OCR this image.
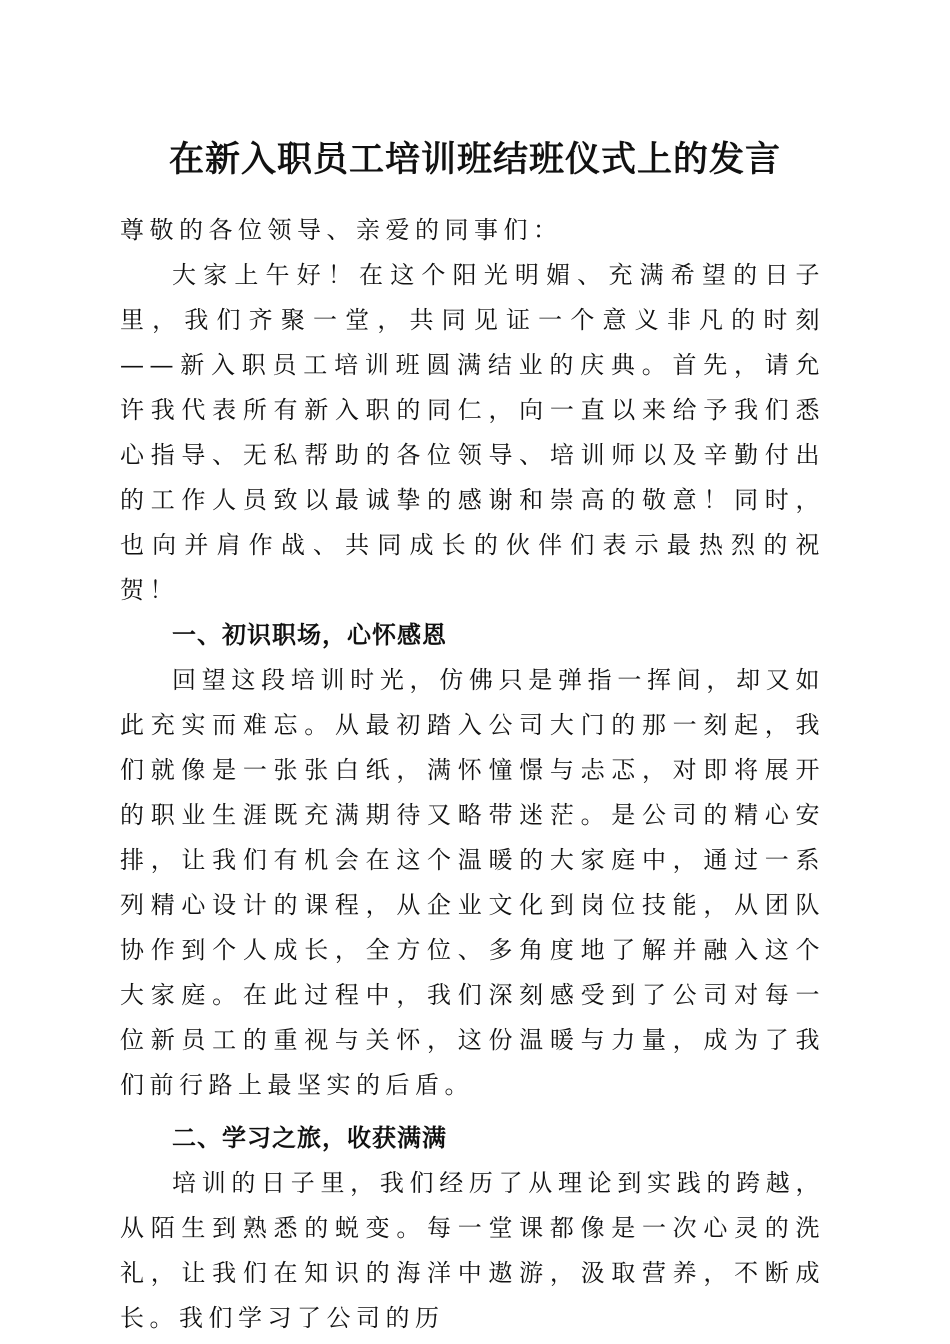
在新入职员工培训班结班仪式上的发言

尊敬的各位领导、亲爱的同事们：

大家上午好！在这个阳光明媚、充满希望的日子里，我们齐聚一堂，共同见证一个意义非凡的时刻——新入职员工培训班圆满结业的庆典。首先，请允许我代表所有新入职的同仁，向一直以来给予我们悉心指导、无私帮助的各位领导、培训师以及辛勤付出的工作人员致以最诚挚的感谢和崇高的敬意！同时，也向并肩作战、共同成长的伙伴们表示最热烈的祝贺！

一、初识职场，心怀感恩

回望这段培训时光，仿佛只是弹指一挥间，却又如此充实而难忘。从最初踏入公司大门的那一刻起，我们就像是一张张白纸，满怀憧憬与忐忑，对即将展开的职业生涯既充满期待又略带迷茫。是公司的精心安排，让我们有机会在这个温暖的大家庭中，通过一系列精心设计的课程，从企业文化到岗位技能，从团队协作到个人成长，全方位、多角度地了解并融入这个大家庭。在此过程中，我们深刻感受到了公司对每一位新员工的重视与关怀，这份温暖与力量，成为了我们前行路上最坚实的后盾。

二、学习之旅，收获满满

培训的日子里，我们经历了从理论到实践的跨越，从陌生到熟悉的蜕变。每一堂课都像是一次心灵的洗礼，让我们在知识的海洋中遨游，汲取营养，不断成长。我们学习了公司的历
